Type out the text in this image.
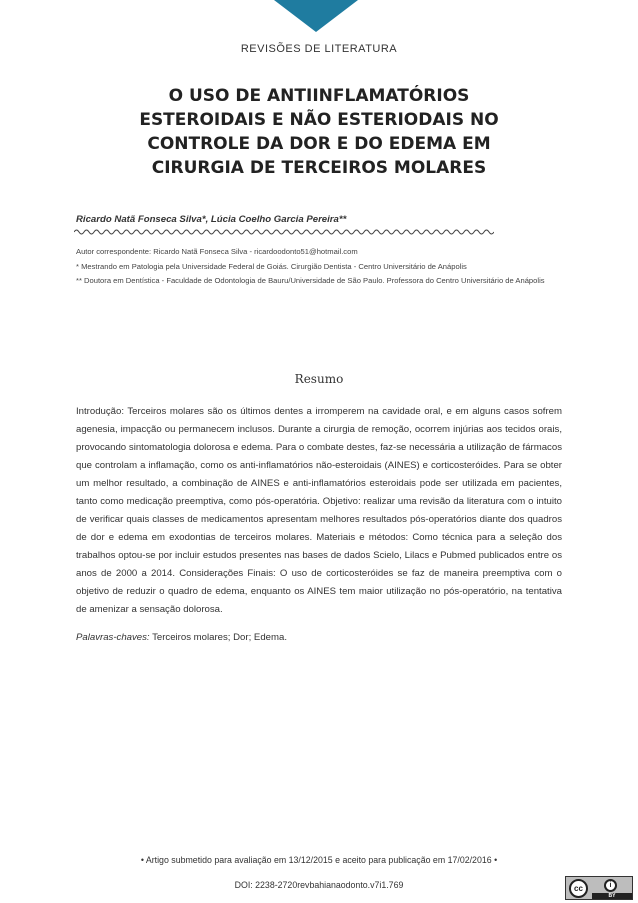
REVISÕES DE LITERATURA
O USO DE ANTIINFLAMATÓRIOS
ESTEROIDAIS E NÃO ESTERIODAIS NO
CONTROLE DA DOR E DO EDEMA EM
CIRURGIA DE TERCEIROS MOLARES
Ricardo Natã Fonseca Silva*, Lúcia Coelho Garcia Pereira**

Autor correspondente: Ricardo Natã Fonseca Silva - ricardoodonto51@hotmail.com

* Mestrando em Patologia pela Universidade Federal de Goiás. Cirurgião Dentista - Centro Universitário de Anápolis

** Doutora em Dentística - Faculdade de Odontologia de Bauru/Universidade de São Paulo. Professora do Centro Universitário de Anápolis

Resumo

Introdução: Terceiros molares são os últimos dentes a irromperem na cavidade oral, e em alguns casos sofrem agenesia, impacção ou permanecem inclusos. Durante a cirurgia de remoção, ocorrem injúrias aos tecidos orais, provocando sintomatologia dolorosa e edema. Para o combate destes, faz-se necessária a utilização de fármacos que controlam a inflamação, como os anti-inflamatórios não-esteroidais (AINES) e corticosteróides. Para se obter um melhor resultado, a combinação de AINES e anti-inflamatórios esteroidais pode ser utilizada em pacientes, tanto como medicação preemptiva, como pós-operatória. Objetivo: realizar uma revisão da literatura com o intuito de verificar quais classes de medicamentos apresentam melhores resultados pós-operatórios diante dos quadros de dor e edema em exodontias de terceiros molares. Materiais e métodos: Como técnica para a seleção dos trabalhos optou-se por incluir estudos presentes nas bases de dados Scielo, Lilacs e Pubmed publicados entre os anos de 2000 a 2014. Considerações Finais: O uso de corticosteróides se faz de maneira preemptiva com o objetivo de reduzir o quadro de edema, enquanto os AINES tem maior utilização no pós-operatório, na tentativa de amenizar a sensação dolorosa.

Palavras-chaves: Terceiros molares; Dor; Edema.
• Artigo submetido para avaliação em 13/12/2015 e aceito para publicação em 17/02/2016 •
DOI: 2238-2720revbahianaodonto.v7i1.769	cc	i
BY
